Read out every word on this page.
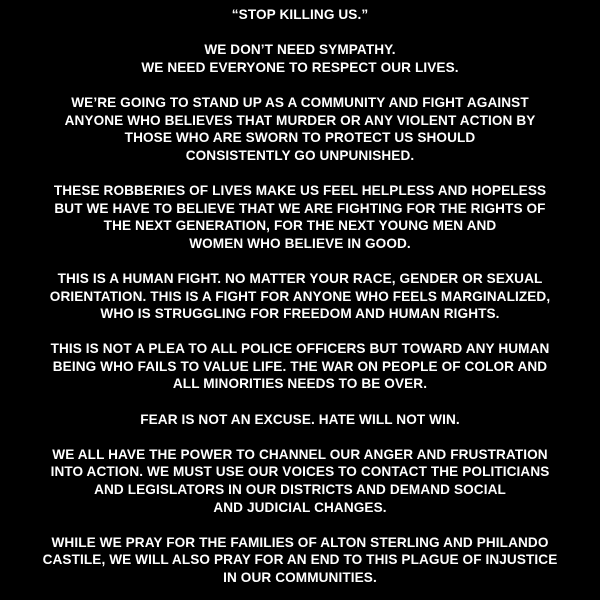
“STOP KILLING US.”
WE DON’T NEED SYMPATHY.
WE NEED EVERYONE TO RESPECT OUR LIVES.
WE’RE GOING TO STAND UP AS A COMMUNITY AND FIGHT AGAINST
ANYONE WHO BELIEVES THAT MURDER OR ANY VIOLENT ACTION BY
THOSE WHO ARE SWORN TO PROTECT US SHOULD
CONSISTENTLY GO UNPUNISHED.
THESE ROBBERIES OF LIVES MAKE US FEEL HELPLESS AND HOPELESS
BUT WE HAVE TO BELIEVE THAT WE ARE FIGHTING FOR THE RIGHTS OF
THE NEXT GENERATION, FOR THE NEXT YOUNG MEN AND
WOMEN WHO BELIEVE IN GOOD.
THIS IS A HUMAN FIGHT. NO MATTER YOUR RACE, GENDER OR SEXUAL
ORIENTATION. THIS IS A FIGHT FOR ANYONE WHO FEELS MARGINALIZED,
WHO IS STRUGGLING FOR FREEDOM AND HUMAN RIGHTS.
THIS IS NOT A PLEA TO ALL POLICE OFFICERS BUT TOWARD ANY HUMAN
BEING WHO FAILS TO VALUE LIFE. THE WAR ON PEOPLE OF COLOR AND
ALL MINORITIES NEEDS TO BE OVER.
FEAR IS NOT AN EXCUSE. HATE WILL NOT WIN.
WE ALL HAVE THE POWER TO CHANNEL OUR ANGER AND FRUSTRATION
INTO ACTION. WE MUST USE OUR VOICES TO CONTACT THE POLITICIANS
AND LEGISLATORS IN OUR DISTRICTS AND DEMAND SOCIAL
AND JUDICIAL CHANGES.
WHILE WE PRAY FOR THE FAMILIES OF ALTON STERLING AND PHILANDO
CASTILE, WE WILL ALSO PRAY FOR AN END TO THIS PLAGUE OF INJUSTICE
IN OUR COMMUNITIES.
